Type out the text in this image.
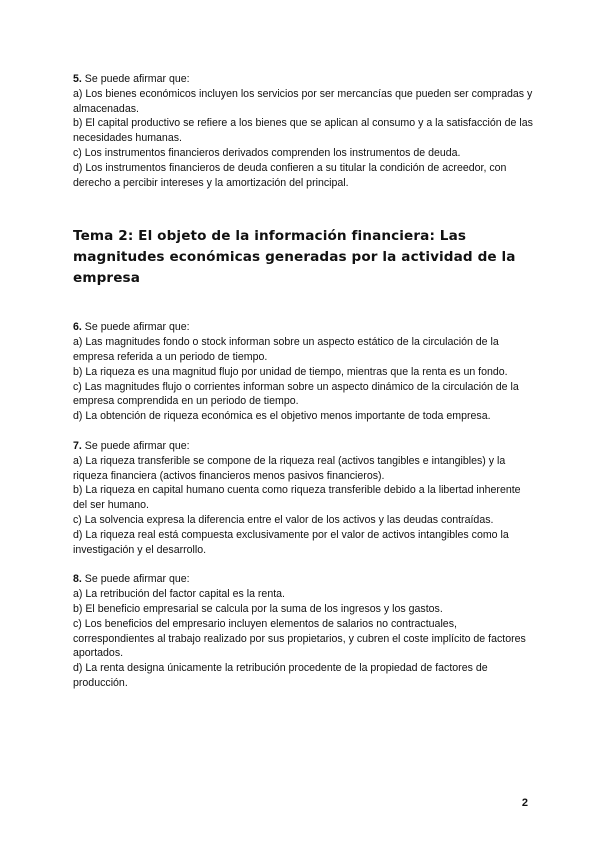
5. Se puede afirmar que:

a) Los bienes económicos incluyen los servicios por ser mercancías que pueden ser compradas y almacenadas.

b) El capital productivo se refiere a los bienes que se aplican al consumo y a la satisfacción de las necesidades humanas.

c) Los instrumentos financieros derivados comprenden los instrumentos de deuda.

d) Los instrumentos financieros de deuda confieren a su titular la condición de acreedor, con derecho a percibir intereses y la amortización del principal.

Tema 2: El objeto de la información financiera: Las magnitudes económicas generadas por la actividad de la empresa

6. Se puede afirmar que:

a) Las magnitudes fondo o stock informan sobre un aspecto estático de la circulación de la empresa referida a un periodo de tiempo.

b) La riqueza es una magnitud flujo por unidad de tiempo, mientras que la renta es un fondo.

c) Las magnitudes flujo o corrientes informan sobre un aspecto dinámico de la circulación de la empresa comprendida en un periodo de tiempo.

d) La obtención de riqueza económica es el objetivo menos importante de toda empresa.

7. Se puede afirmar que:

a) La riqueza transferible se compone de la riqueza real (activos tangibles e intangibles) y la riqueza financiera (activos financieros menos pasivos financieros).

b) La riqueza en capital humano cuenta como riqueza transferible debido a la libertad inherente del ser humano.

c) La solvencia expresa la diferencia entre el valor de los activos y las deudas contraídas.

d) La riqueza real está compuesta exclusivamente por el valor de activos intangibles como la investigación y el desarrollo.

8. Se puede afirmar que:

a) La retribución del factor capital es la renta.

b) El beneficio empresarial se calcula por la suma de los ingresos y los gastos.

c) Los beneficios del empresario incluyen elementos de salarios no contractuales, correspondientes al trabajo realizado por sus propietarios, y cubren el coste implícito de factores aportados.

d) La renta designa únicamente la retribución procedente de la propiedad de factores de producción.

2
